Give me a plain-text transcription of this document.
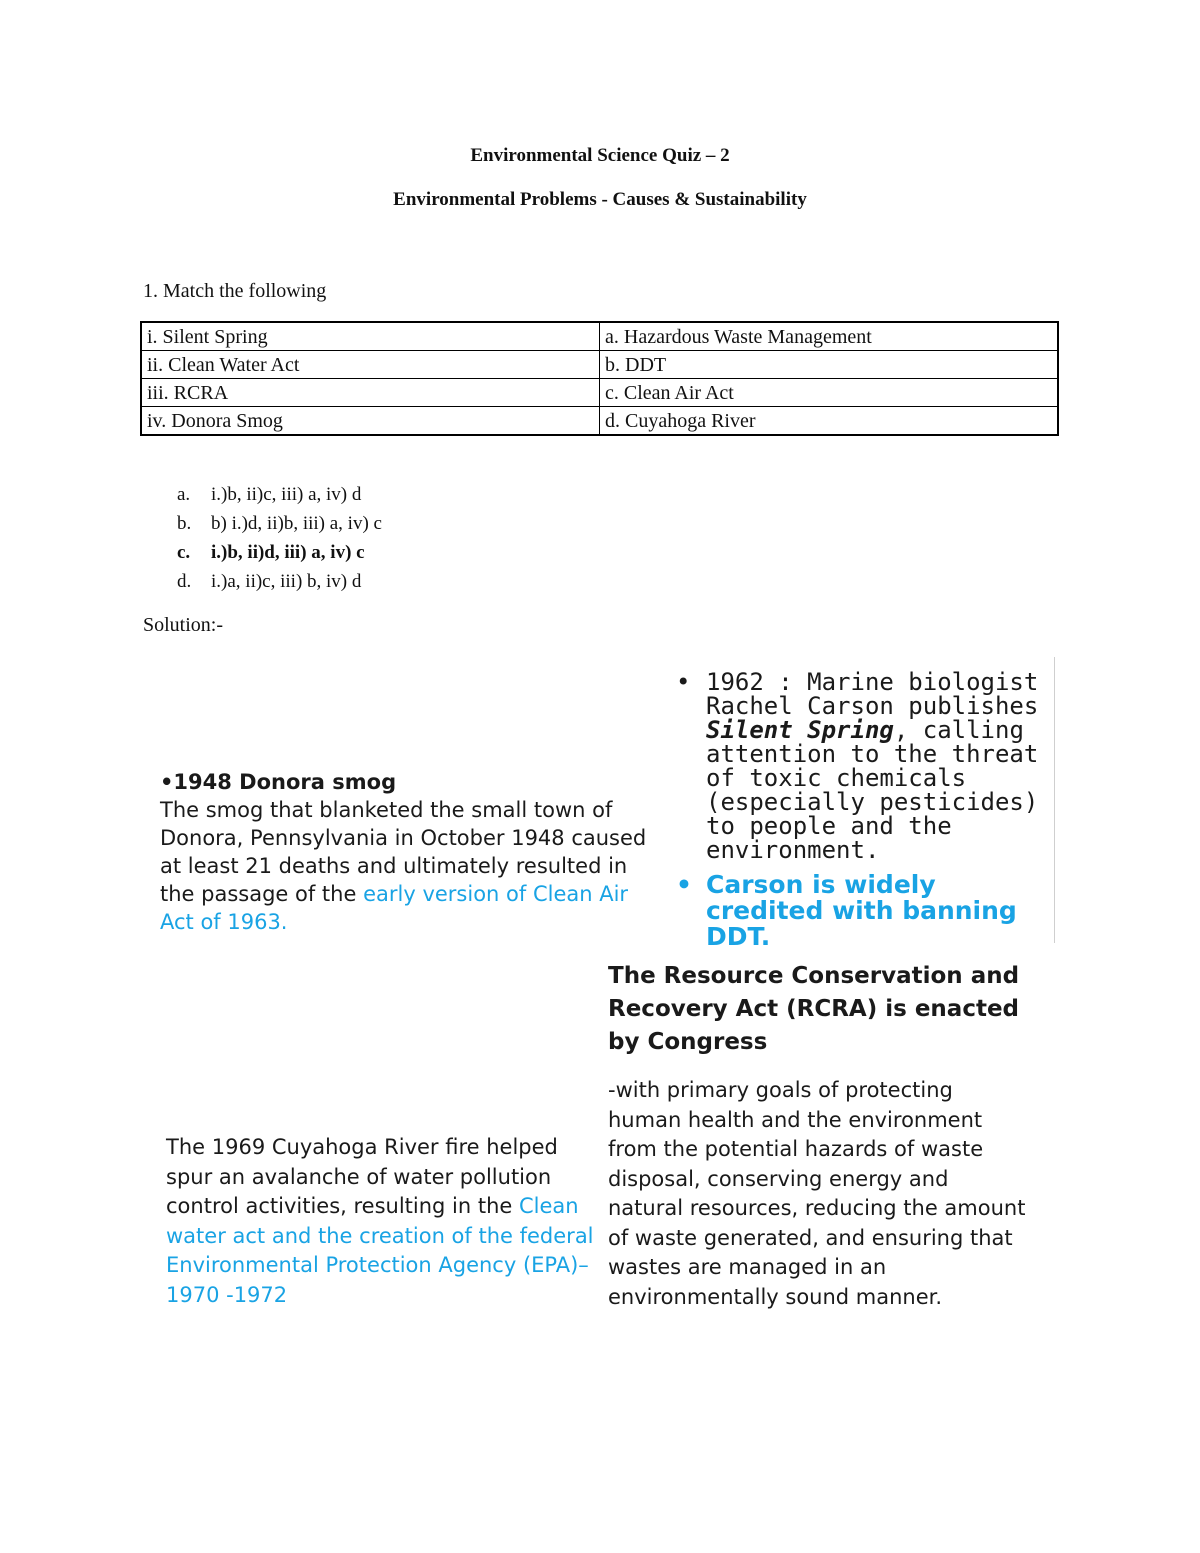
Environmental Science Quiz – 2
Environmental Problems - Causes & Sustainability
1. Match the following
i. Silent Spring	a. Hazardous Waste Management
ii. Clean Water Act	b. DDT
iii. RCRA	c. Clean Air Act
iv. Donora Smog	d. Cuyahoga River
a.	i.)b, ii)c, iii) a, iv) d
b.	b) i.)d, ii)b, iii) a, iv) c
c.	i.)b, ii)d, iii) a, iv) c
d.	i.)a, ii)c, iii) b, iv) d
Solution:-
•1948 Donora smog
The smog that blanketed the small town of Donora, Pennsylvania in October 1948 caused at least 21 deaths and ultimately resulted in the passage of the early version of Clean Air Act of 1963.
• 1962 : Marine biologist Rachel Carson publishes Silent Spring, calling attention to the threat of toxic chemicals (especially pesticides) to people and the environment.
• Carson is widely credited with banning DDT.
The Resource Conservation and Recovery Act (RCRA) is enacted by Congress
-with primary goals of protecting human health and the environment from the potential hazards of waste disposal, conserving energy and natural resources, reducing the amount of waste generated, and ensuring that wastes are managed in an environmentally sound manner.
The 1969 Cuyahoga River fire helped spur an avalanche of water pollution control activities, resulting in the Clean water act and the creation of the federal Environmental Protection Agency (EPA)– 1970 -1972
